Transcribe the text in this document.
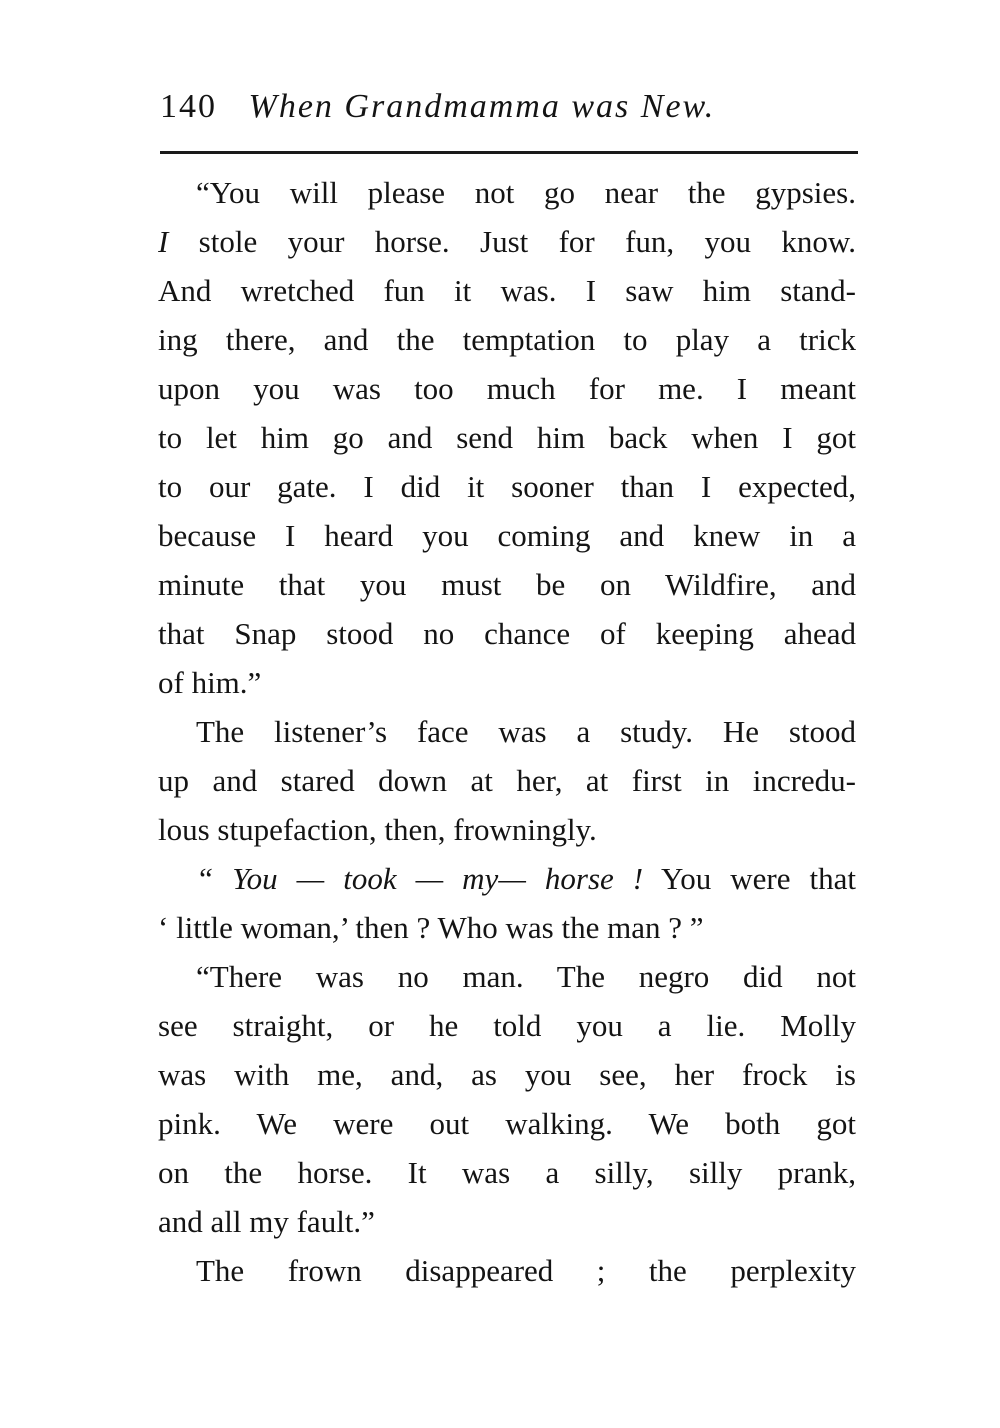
140 When Grandmamma was New.
“You will please not go near the gypsies.
I stole your horse. Just for fun, you know.
And wretched fun it was. I saw him stand-
ing there, and the temptation to play a trick
upon you was too much for me. I meant
to let him go and send him back when I got
to our gate. I did it sooner than I expected,
because I heard you coming and knew in a
minute that you must be on Wildfire, and
that Snap stood no chance of keeping ahead
of him.”
The listener’s face was a study. He stood
up and stared down at her, at first in incredu-
lous stupefaction, then, frowningly.
“ You — took — my— horse ! You were that
‘ little woman,’ then ? Who was the man ? ”
“There was no man. The negro did not
see straight, or he told you a lie. Molly
was with me, and, as you see, her frock is
pink. We were out walking. We both got
on the horse. It was a silly, silly prank,
and all my fault.”
The frown disappeared ; the perplexity
